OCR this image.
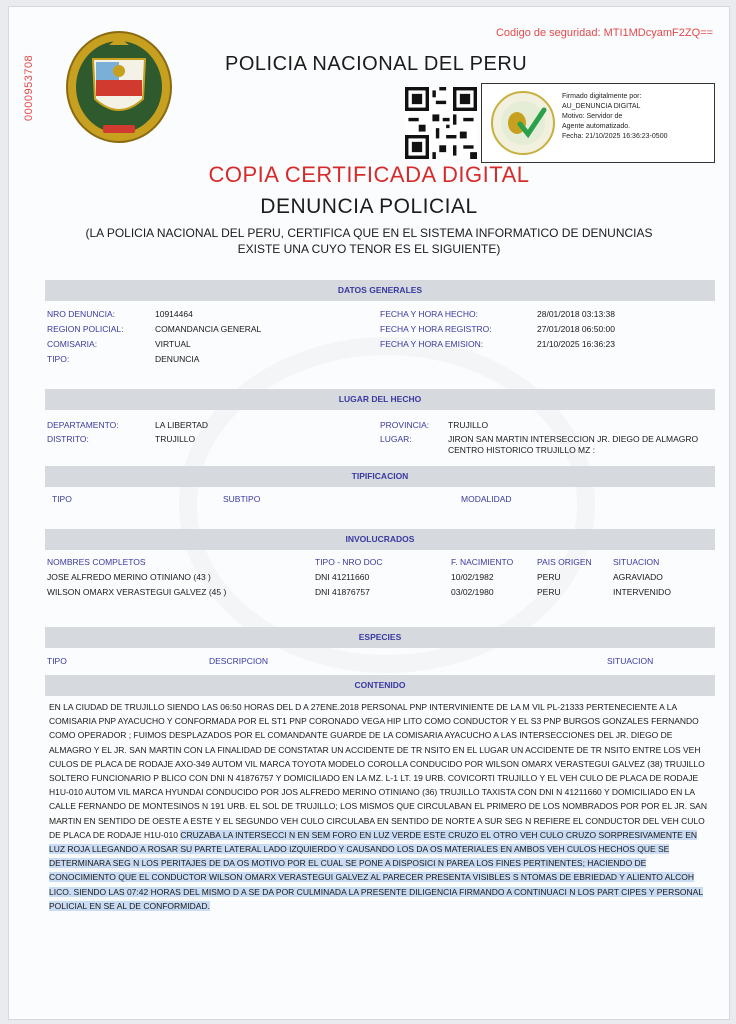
0000953708
Codigo de seguridad: MTI1MDcyamF2ZQ==
POLICIA NACIONAL DEL PERU
Firmado digitalmente por:
AU_DENUNCIA DIGITAL
Motivo: Servidor de
Agente automatizado.
Fecha: 21/10/2025 16:36:23-0500
COPIA CERTIFICADA DIGITAL
DENUNCIA POLICIAL
(LA POLICIA NACIONAL DEL PERU, CERTIFICA QUE EN EL SISTEMA INFORMATICO DE DENUNCIAS EXISTE UNA CUYO TENOR ES EL SIGUIENTE)
DATOS GENERALES
NRO DENUNCIA:	10914464
REGION POLICIAL:	COMANDANCIA GENERAL
COMISARIA:	VIRTUAL
TIPO:	DENUNCIA
FECHA Y HORA HECHO:	28/01/2018 03:13:38
FECHA Y HORA REGISTRO:	27/01/2018 06:50:00
FECHA Y HORA EMISION:	21/10/2025 16:36:23
LUGAR DEL HECHO
DEPARTAMENTO:	LA LIBERTAD
DISTRITO:	TRUJILLO
PROVINCIA: TRUJILLO
LUGAR:	JIRON SAN MARTIN INTERSECCION JR. DIEGO DE ALMAGRO CENTRO HISTORICO TRUJILLO MZ :
TIPIFICACION
TIPO	SUBTIPO	MODALIDAD
INVOLUCRADOS
NOMBRES COMPLETOS	TIPO - NRO DOC	F. NACIMIENTO	PAIS ORIGEN	SITUACION
JOSE ALFREDO MERINO OTINIANO (43 )	DNI 41211660	10/02/1982	PERU	AGRAVIADO
WILSON OMARX VERASTEGUI GALVEZ (45 )	DNI 41876757	03/02/1980	PERU	INTERVENIDO
ESPECIES
TIPO	DESCRIPCION	SITUACION
CONTENIDO
EN LA CIUDAD DE TRUJILLO SIENDO LAS 06:50 HORAS DEL D A 27ENE.2018 PERSONAL PNP INTERVINIENTE DE LA M VIL PL-21333 PERTENECIENTE A LA COMISARIA PNP AYACUCHO Y CONFORMADA POR EL ST1 PNP CORONADO VEGA HIP LITO COMO CONDUCTOR Y EL S3 PNP BURGOS GONZALES FERNANDO COMO OPERADOR ; FUIMOS DESPLAZADOS POR EL COMANDANTE GUARDE DE LA COMISARIA AYACUCHO A LAS INTERSECCIONES DEL JR. DIEGO DE ALMAGRO Y EL JR. SAN MARTIN CON LA FINALIDAD DE CONSTATAR UN ACCIDENTE DE TR NSITO EN EL LUGAR UN ACCIDENTE DE TR NSITO ENTRE LOS VEH CULOS DE PLACA DE RODAJE AXO-349 AUTOM VIL MARCA TOYOTA MODELO COROLLA CONDUCIDO POR WILSON OMARX VERASTEGUI GALVEZ (38) TRUJILLO SOLTERO FUNCIONARIO P BLICO CON DNI N 41876757 Y DOMICILIADO EN LA MZ. L-1 LT. 19 URB. COVICORTI TRUJILLO Y EL VEH CULO DE PLACA DE RODAJE H1U-010 AUTOM VIL MARCA HYUNDAI CONDUCIDO POR JOS ALFREDO MERINO OTINIANO (36) TRUJILLO TAXISTA CON DNI N 41211660 Y DOMICILIADO EN LA CALLE FERNANDO DE MONTESINOS N 191 URB. EL SOL DE TRUJILLO; LOS MISMOS QUE CIRCULABAN EL PRIMERO DE LOS NOMBRADOS POR POR EL JR. SAN MARTIN EN SENTIDO DE OESTE A ESTE Y EL SEGUNDO VEH CULO CIRCULABA EN SENTIDO DE NORTE A SUR SEG N REFIERE EL CONDUCTOR DEL VEH CULO DE PLACA DE RODAJE H1U-010 CRUZABA LA INTERSECCI N EN SEM FORO EN LUZ VERDE ESTE CRUZO EL OTRO VEH CULO CRUZO SORPRESIVAMENTE EN LUZ ROJA LLEGANDO A ROSAR SU PARTE LATERAL LADO IZQUIERDO Y CAUSANDO LOS DA OS MATERIALES EN AMBOS VEH CULOS HECHOS QUE SE DETERMINARA SEG N LOS PERITAJES DE DA OS MOTIVO POR EL CUAL SE PONE A DISPOSICI N PAREA LOS FINES PERTINENTES; HACIENDO DE CONOCIMIENTO QUE EL CONDUCTOR WILSON OMARX VERASTEGUI GALVEZ AL PARECER PRESENTA VISIBLES S NTOMAS DE EBRIEDAD Y ALIENTO ALCOH LICO. SIENDO LAS 07:42 HORAS DEL MISMO D A SE DA POR CULMINADA LA PRESENTE DILIGENCIA FIRMANDO A CONTINUACI N LOS PART CIPES Y PERSONAL POLICIAL EN SE AL DE CONFORMIDAD.
